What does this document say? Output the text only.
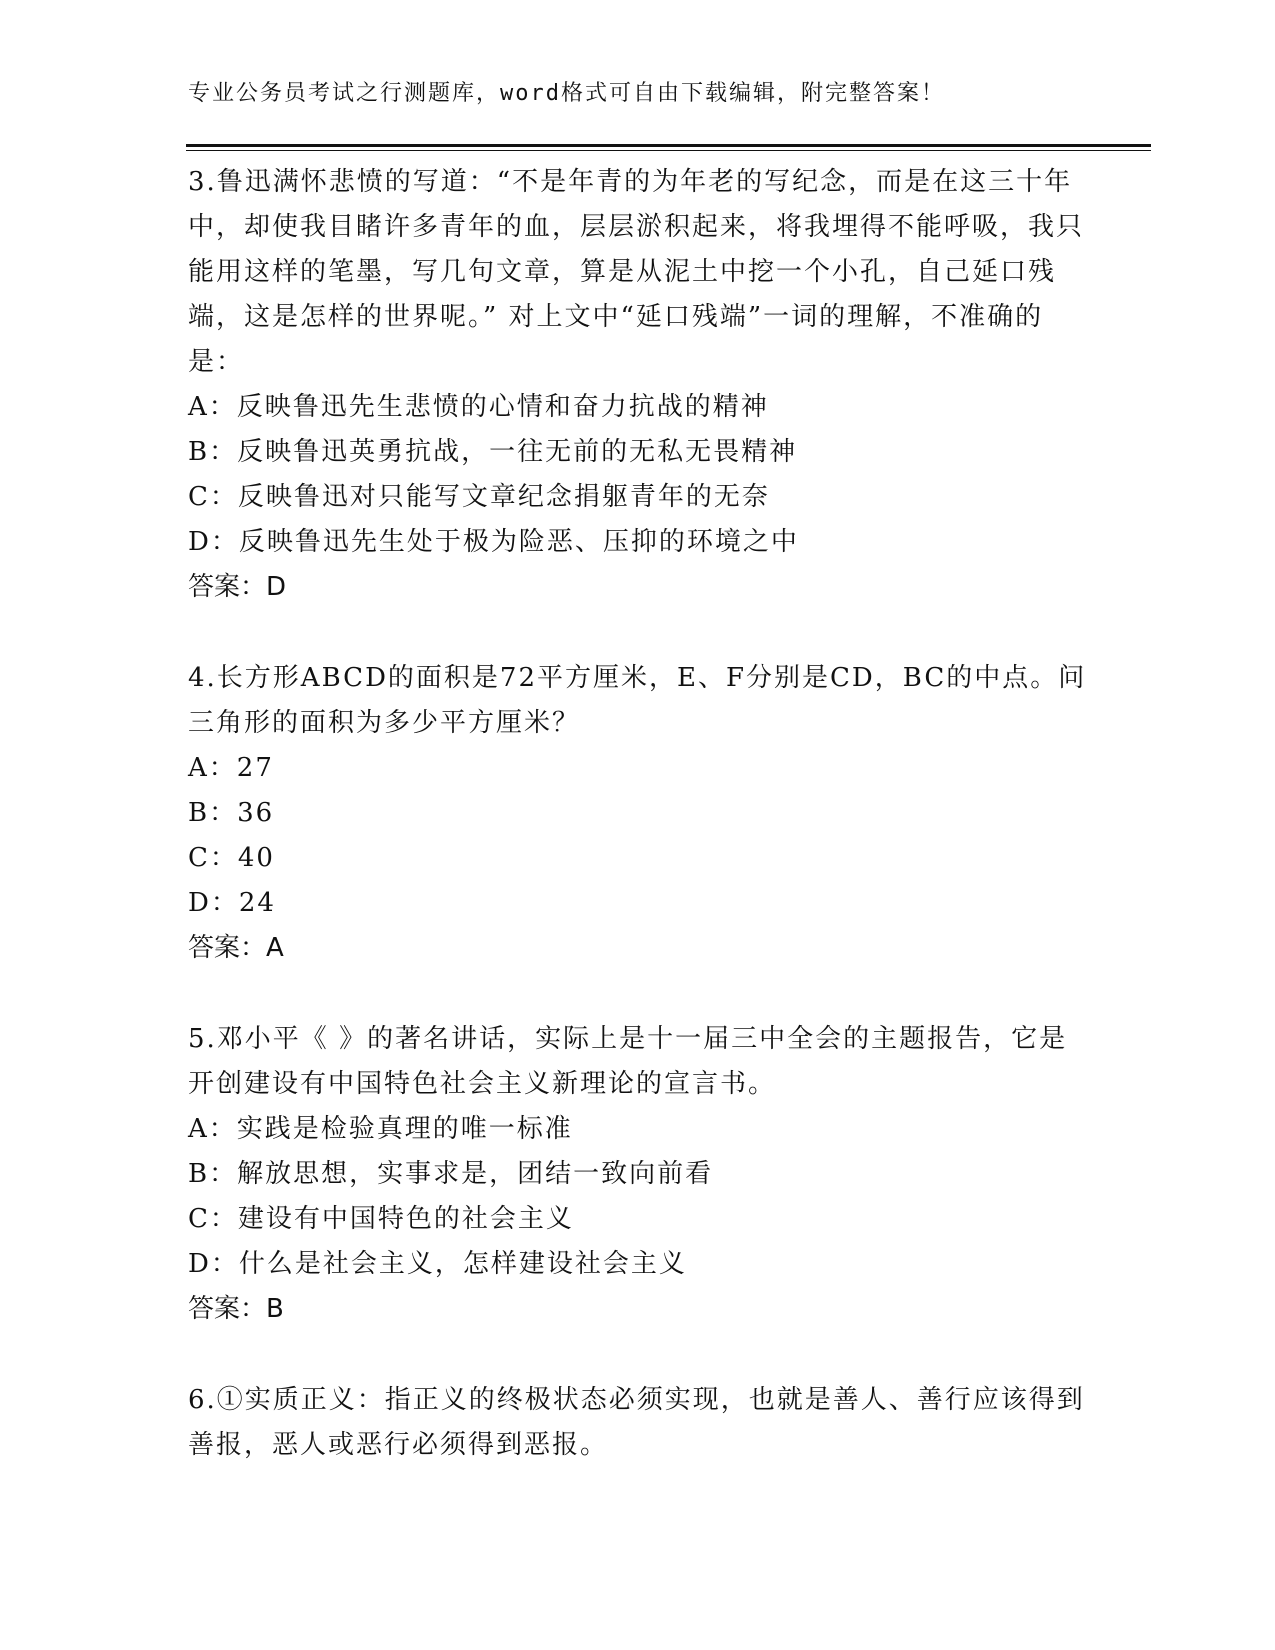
专业公务员考试之行测题库，word格式可自由下载编辑，附完整答案！

3.鲁迅满怀悲愤的写道：“不是年青的为年老的写纪念，而是在这三十年中，却使我目睹许多青年的血，层层淤积起来，将我埋得不能呼吸，我只能用这样的笔墨，写几句文章，算是从泥土中挖一个小孔，自己延口残端，这是怎样的世界呢。” 对上文中“延口残端”一词的理解，不准确的是：

A：反映鲁迅先生悲愤的心情和奋力抗战的精神

B：反映鲁迅英勇抗战，一往无前的无私无畏精神

C：反映鲁迅对只能写文章纪念捐躯青年的无奈

D：反映鲁迅先生处于极为险恶、压抑的环境之中

答案：D

4.长方形ABCD的面积是72平方厘米，E、F分别是CD，BC的中点。问三角形的面积为多少平方厘米？

A：27

B：36

C：40

D：24

答案：A

5.邓小平《 》的著名讲话，实际上是十一届三中全会的主题报告，它是开创建设有中国特色社会主义新理论的宣言书。

A：实践是检验真理的唯一标准

B：解放思想，实事求是，团结一致向前看

C：建设有中国特色的社会主义

D：什么是社会主义，怎样建设社会主义

答案：B

6.①实质正义：指正义的终极状态必须实现，也就是善人、善行应该得到善报，恶人或恶行必须得到恶报。
